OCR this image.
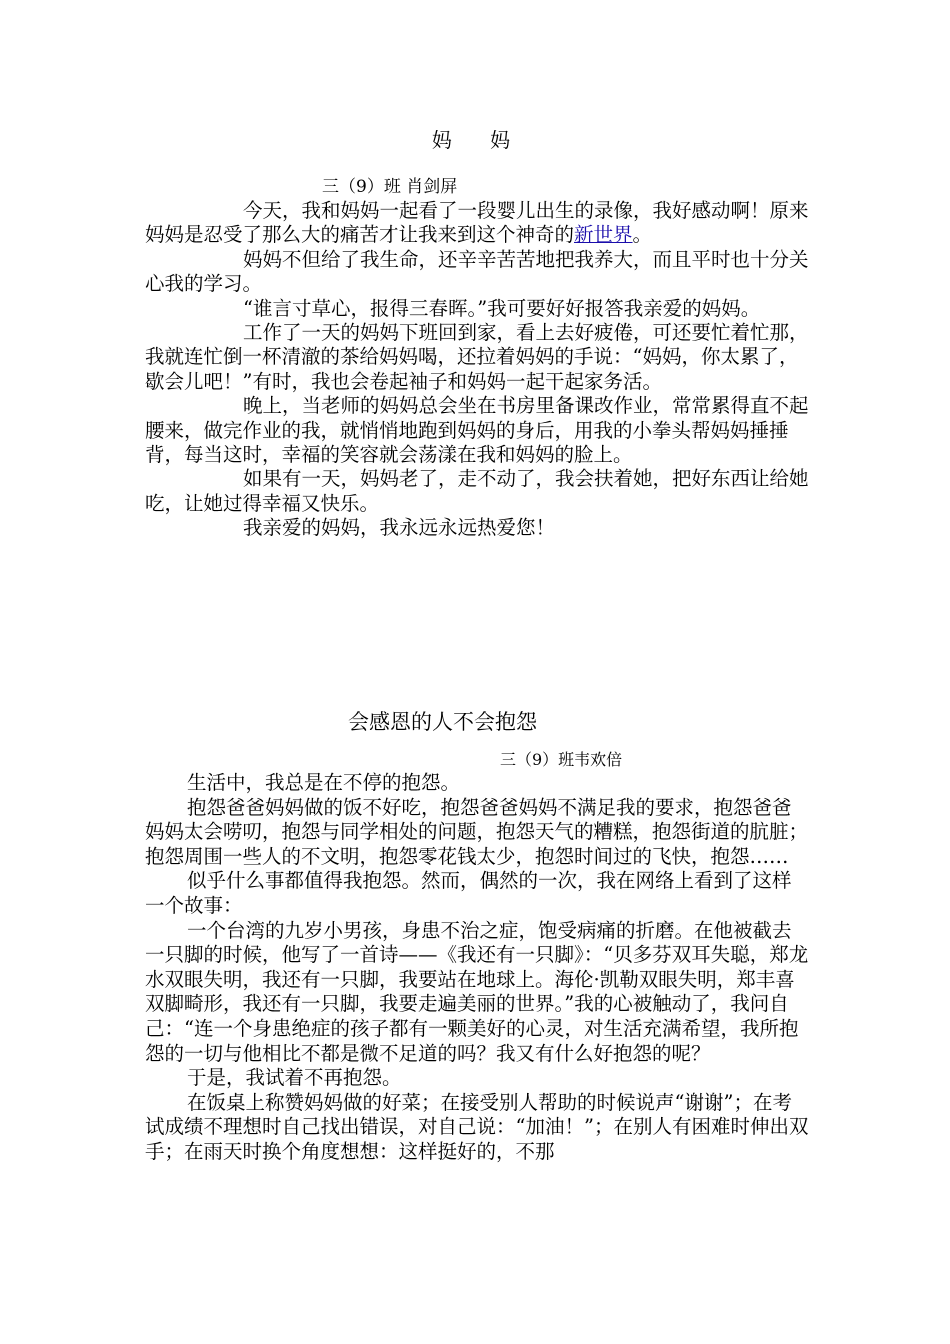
妈 妈
三（9）班 肖剑屏

今天，我和妈妈一起看了一段婴儿出生的录像，我好感动啊！原来妈妈是忍受了那么大的痛苦才让我来到这个神奇的新世界。

妈妈不但给了我生命，还辛辛苦苦地把我养大，而且平时也十分关心我的学习。

“谁言寸草心，报得三春晖。”我可要好好报答我亲爱的妈妈。

工作了一天的妈妈下班回到家，看上去好疲倦，可还要忙着忙那，我就连忙倒一杯清澈的茶给妈妈喝，还拉着妈妈的手说：“妈妈，你太累了，歇会儿吧！”有时，我也会卷起袖子和妈妈一起干起家务活。

晚上，当老师的妈妈总会坐在书房里备课改作业，常常累得直不起腰来，做完作业的我，就悄悄地跑到妈妈的身后，用我的小拳头帮妈妈捶捶背，每当这时，幸福的笑容就会荡漾在我和妈妈的脸上。

如果有一天，妈妈老了，走不动了，我会扶着她，把好东西让给她吃，让她过得幸福又快乐。

我亲爱的妈妈，我永远永远热爱您！

会感恩的人不会抱怨
三（9）班韦欢倍

生活中，我总是在不停的抱怨。

抱怨爸爸妈妈做的饭不好吃，抱怨爸爸妈妈不满足我的要求，抱怨爸爸妈妈太会唠叨，抱怨与同学相处的问题，抱怨天气的糟糕，抱怨街道的肮脏；抱怨周围一些人的不文明，抱怨零花钱太少，抱怨时间过的飞快，抱怨……

似乎什么事都值得我抱怨。然而，偶然的一次，我在网络上看到了这样一个故事：

一个台湾的九岁小男孩，身患不治之症，饱受病痛的折磨。在他被截去一只脚的时候，他写了一首诗——《我还有一只脚》：“贝多芬双耳失聪，郑龙水双眼失明，我还有一只脚，我要站在地球上。海伦·凯勒双眼失明，郑丰喜双脚畸形，我还有一只脚，我要走遍美丽的世界。”我的心被触动了，我问自己：“连一个身患绝症的孩子都有一颗美好的心灵，对生活充满希望，我所抱怨的一切与他相比不都是微不足道的吗？我又有什么好抱怨的呢？

于是，我试着不再抱怨。

在饭桌上称赞妈妈做的好菜；在接受别人帮助的时候说声“谢谢”；在考试成绩不理想时自己找出错误，对自己说：“加油！”；在别人有困难时伸出双手；在雨天时换个角度想想：这样挺好的，不那
